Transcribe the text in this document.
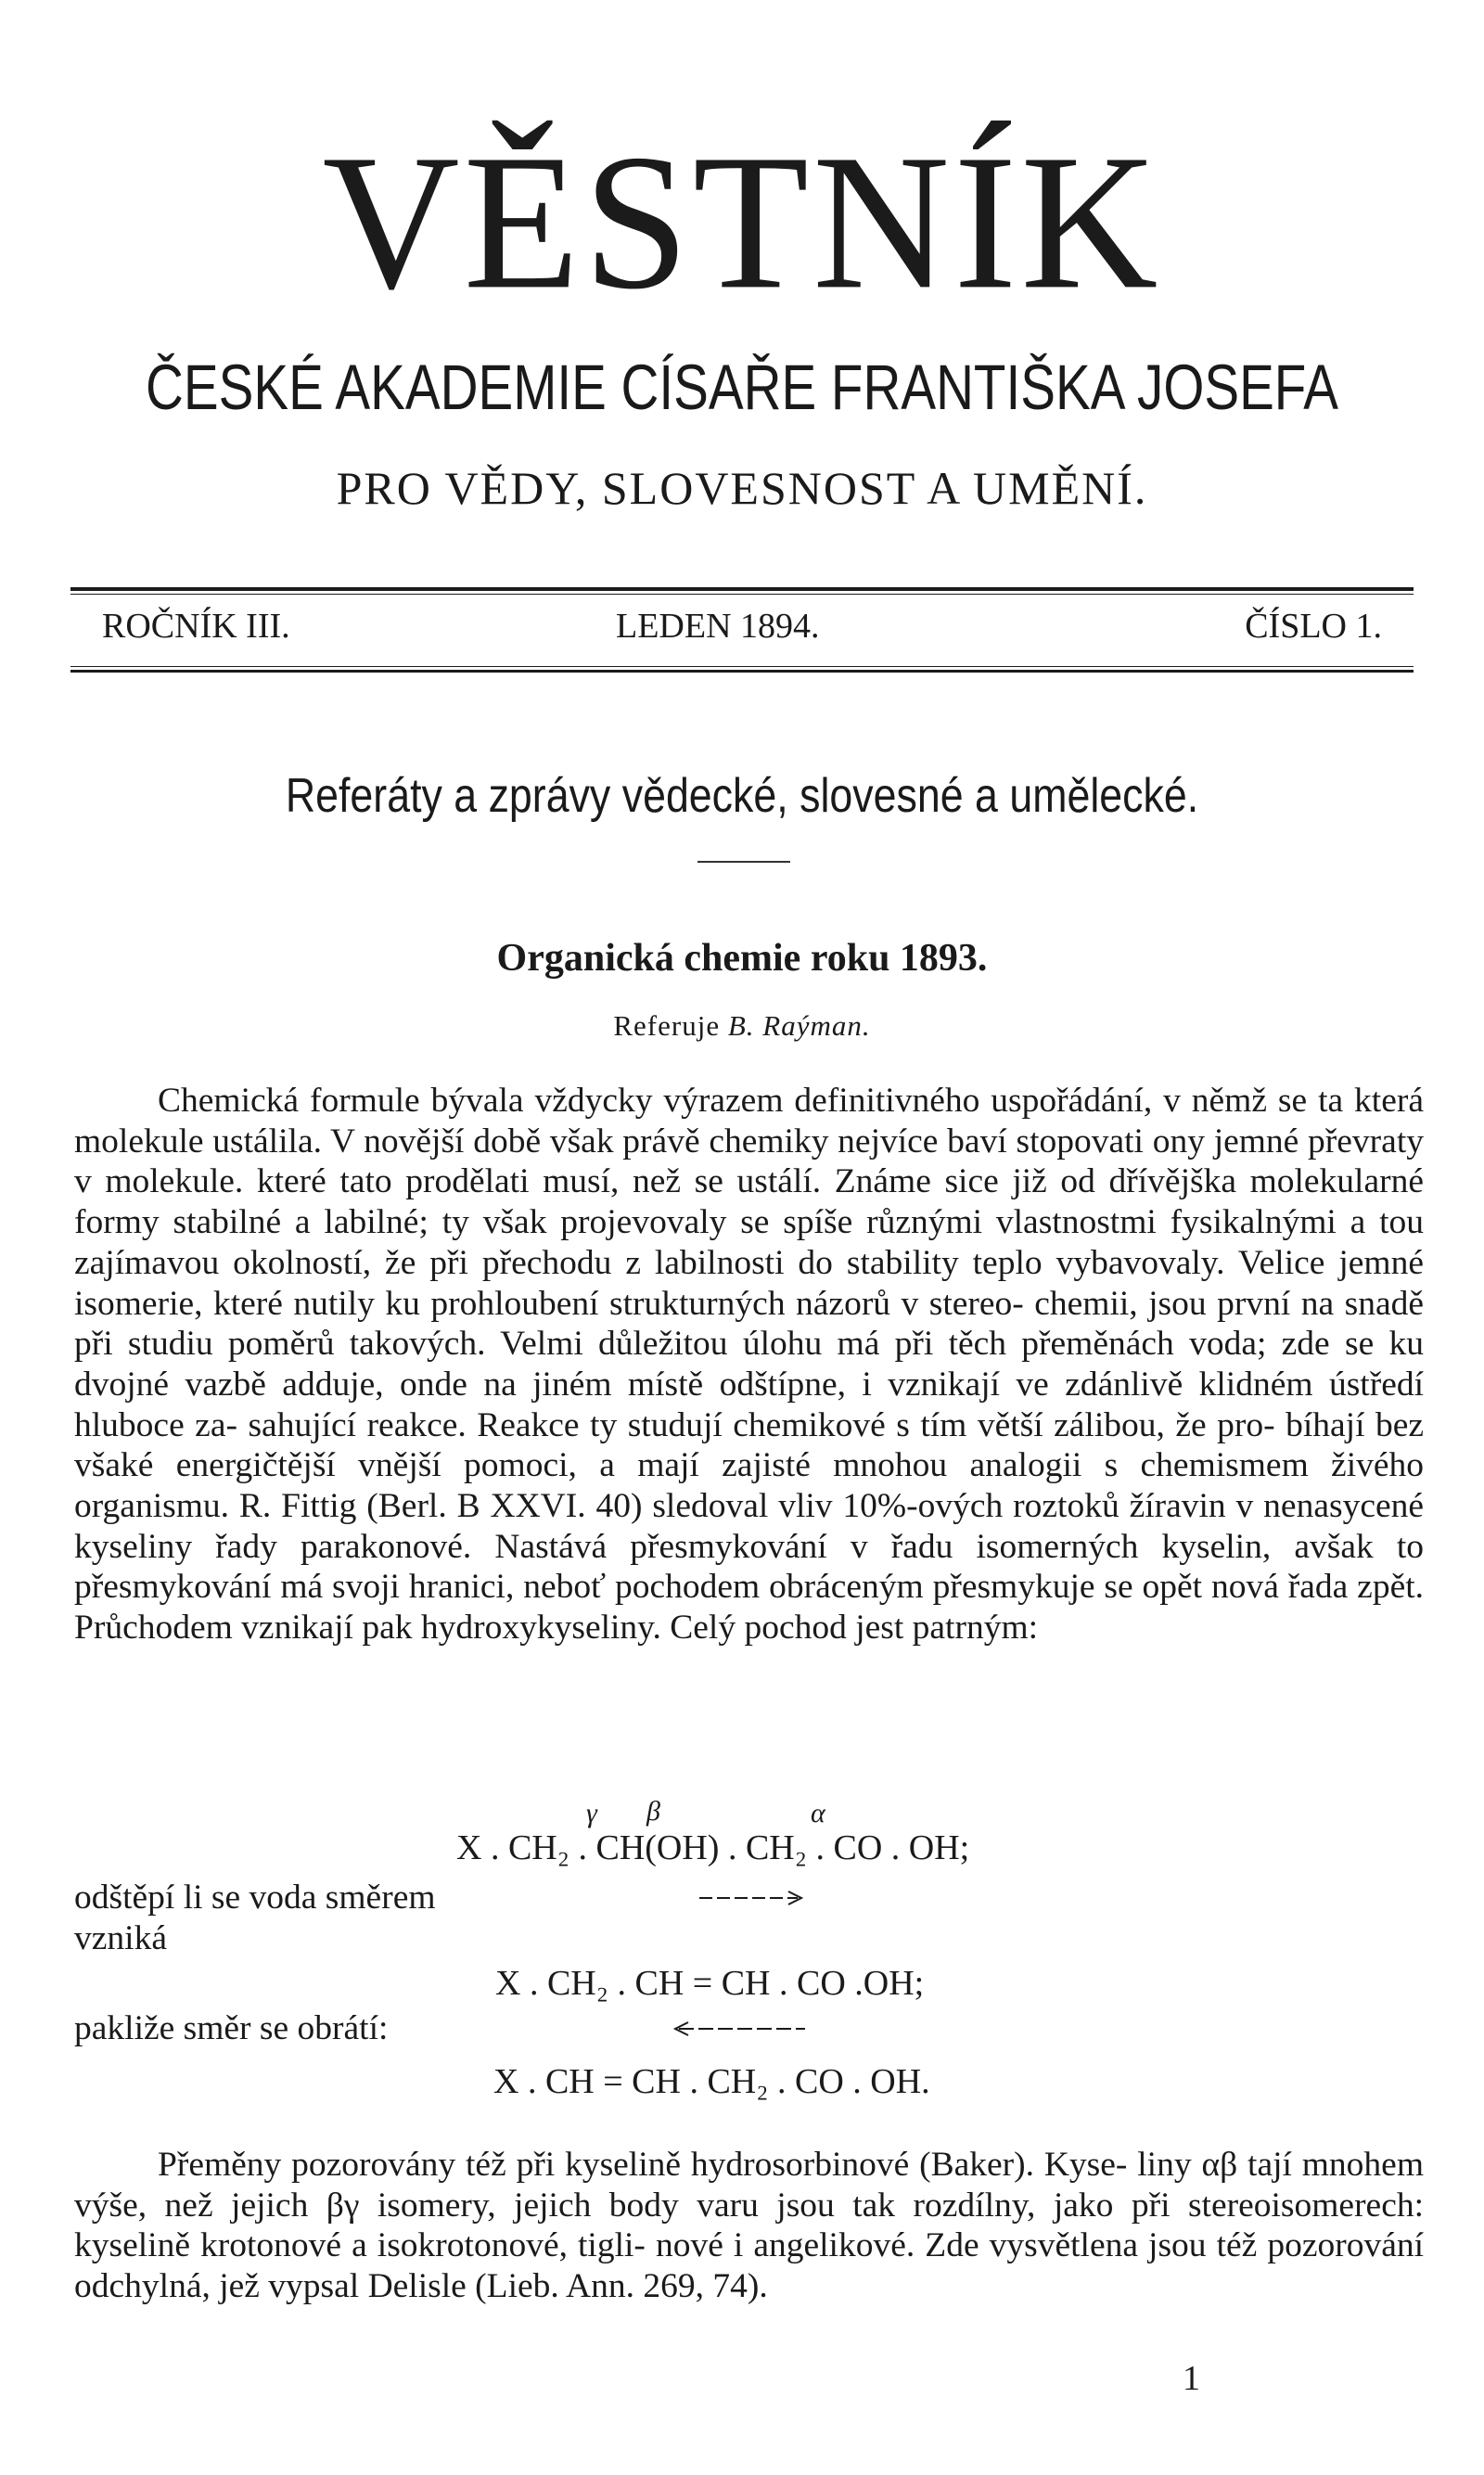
VĚSTNÍK
ČESKÉ AKADEMIE CÍSAŘE FRANTIŠKA JOSEFA
PRO VĚDY, SLOVESNOST A UMĚNÍ.
ROČNÍK III.	LEDEN 1894.	ČÍSLO 1.
Referáty a zprávy vědecké, slovesné a umělecké.
Organická chemie roku 1893.
Referuje B. Raýman.

Chemická formule bývala vždycky výrazem definitivného uspořádání, v němž se ta která molekule ustálila. V novější době však právě chemiky nejvíce baví stopovati ony jemné převraty v molekule. které tato prodělati musí, než se ustálí. Známe sice již od dřívějška molekularné formy stabilné a labilné; ty však projevovaly se spíše různými vlastnostmi fysikalnými a tou zajímavou okolností, že při přechodu z labilnosti do stability teplo vybavovaly. Velice jemné isomerie, které nutily ku prohloubení strukturných názorů v stereo- chemii, jsou první na snadě při studiu poměrů takových. Velmi důležitou úlohu má při těch přeměnách voda; zde se ku dvojné vazbě adduje, onde na jiném místě odštípne, i vznikají ve zdánlivě klidném ústředí hluboce za- sahující reakce. Reakce ty studují chemikové s tím větší zálibou, že pro- bíhají bez všaké energičtější vnější pomoci, a mají zajisté mnohou analogii s chemismem živého organismu. R. Fittig (Berl. B XXVI. 40) sledoval vliv 10%-ových roztoků žíravin v nenasycené kyseliny řady parakonové. Nastává přesmykování v řadu isomerných kyselin, avšak to přesmykování má svoji hranici, neboť pochodem obráceným přesmykuje se opět nová řada zpět. Průchodem vznikají pak hydroxykyseliny. Celý pochod jest patrným:

γ β	α
X . CH₂ . CH(OH) . CH₂ . CO . OH;
odštěpí li se voda směrem
vzniká
X . CH₂ . CH = CH . CO .OH;
pakliže směr se obrátí:
X . CH = CH . CH₂ . CO . OH.

Přeměny pozorovány též při kyselině hydrosorbinové (Baker). Kyse- liny αβ tají mnohem výše, než jejich βγ isomery, jejich body varu jsou tak rozdílny, jako při stereoisomerech: kyselině krotonové a isokrotonové, tigli- nové i angelikové. Zde vysvětlena jsou též pozorování odchylná, jež vypsal Delisle (Lieb. Ann. 269, 74).

1
